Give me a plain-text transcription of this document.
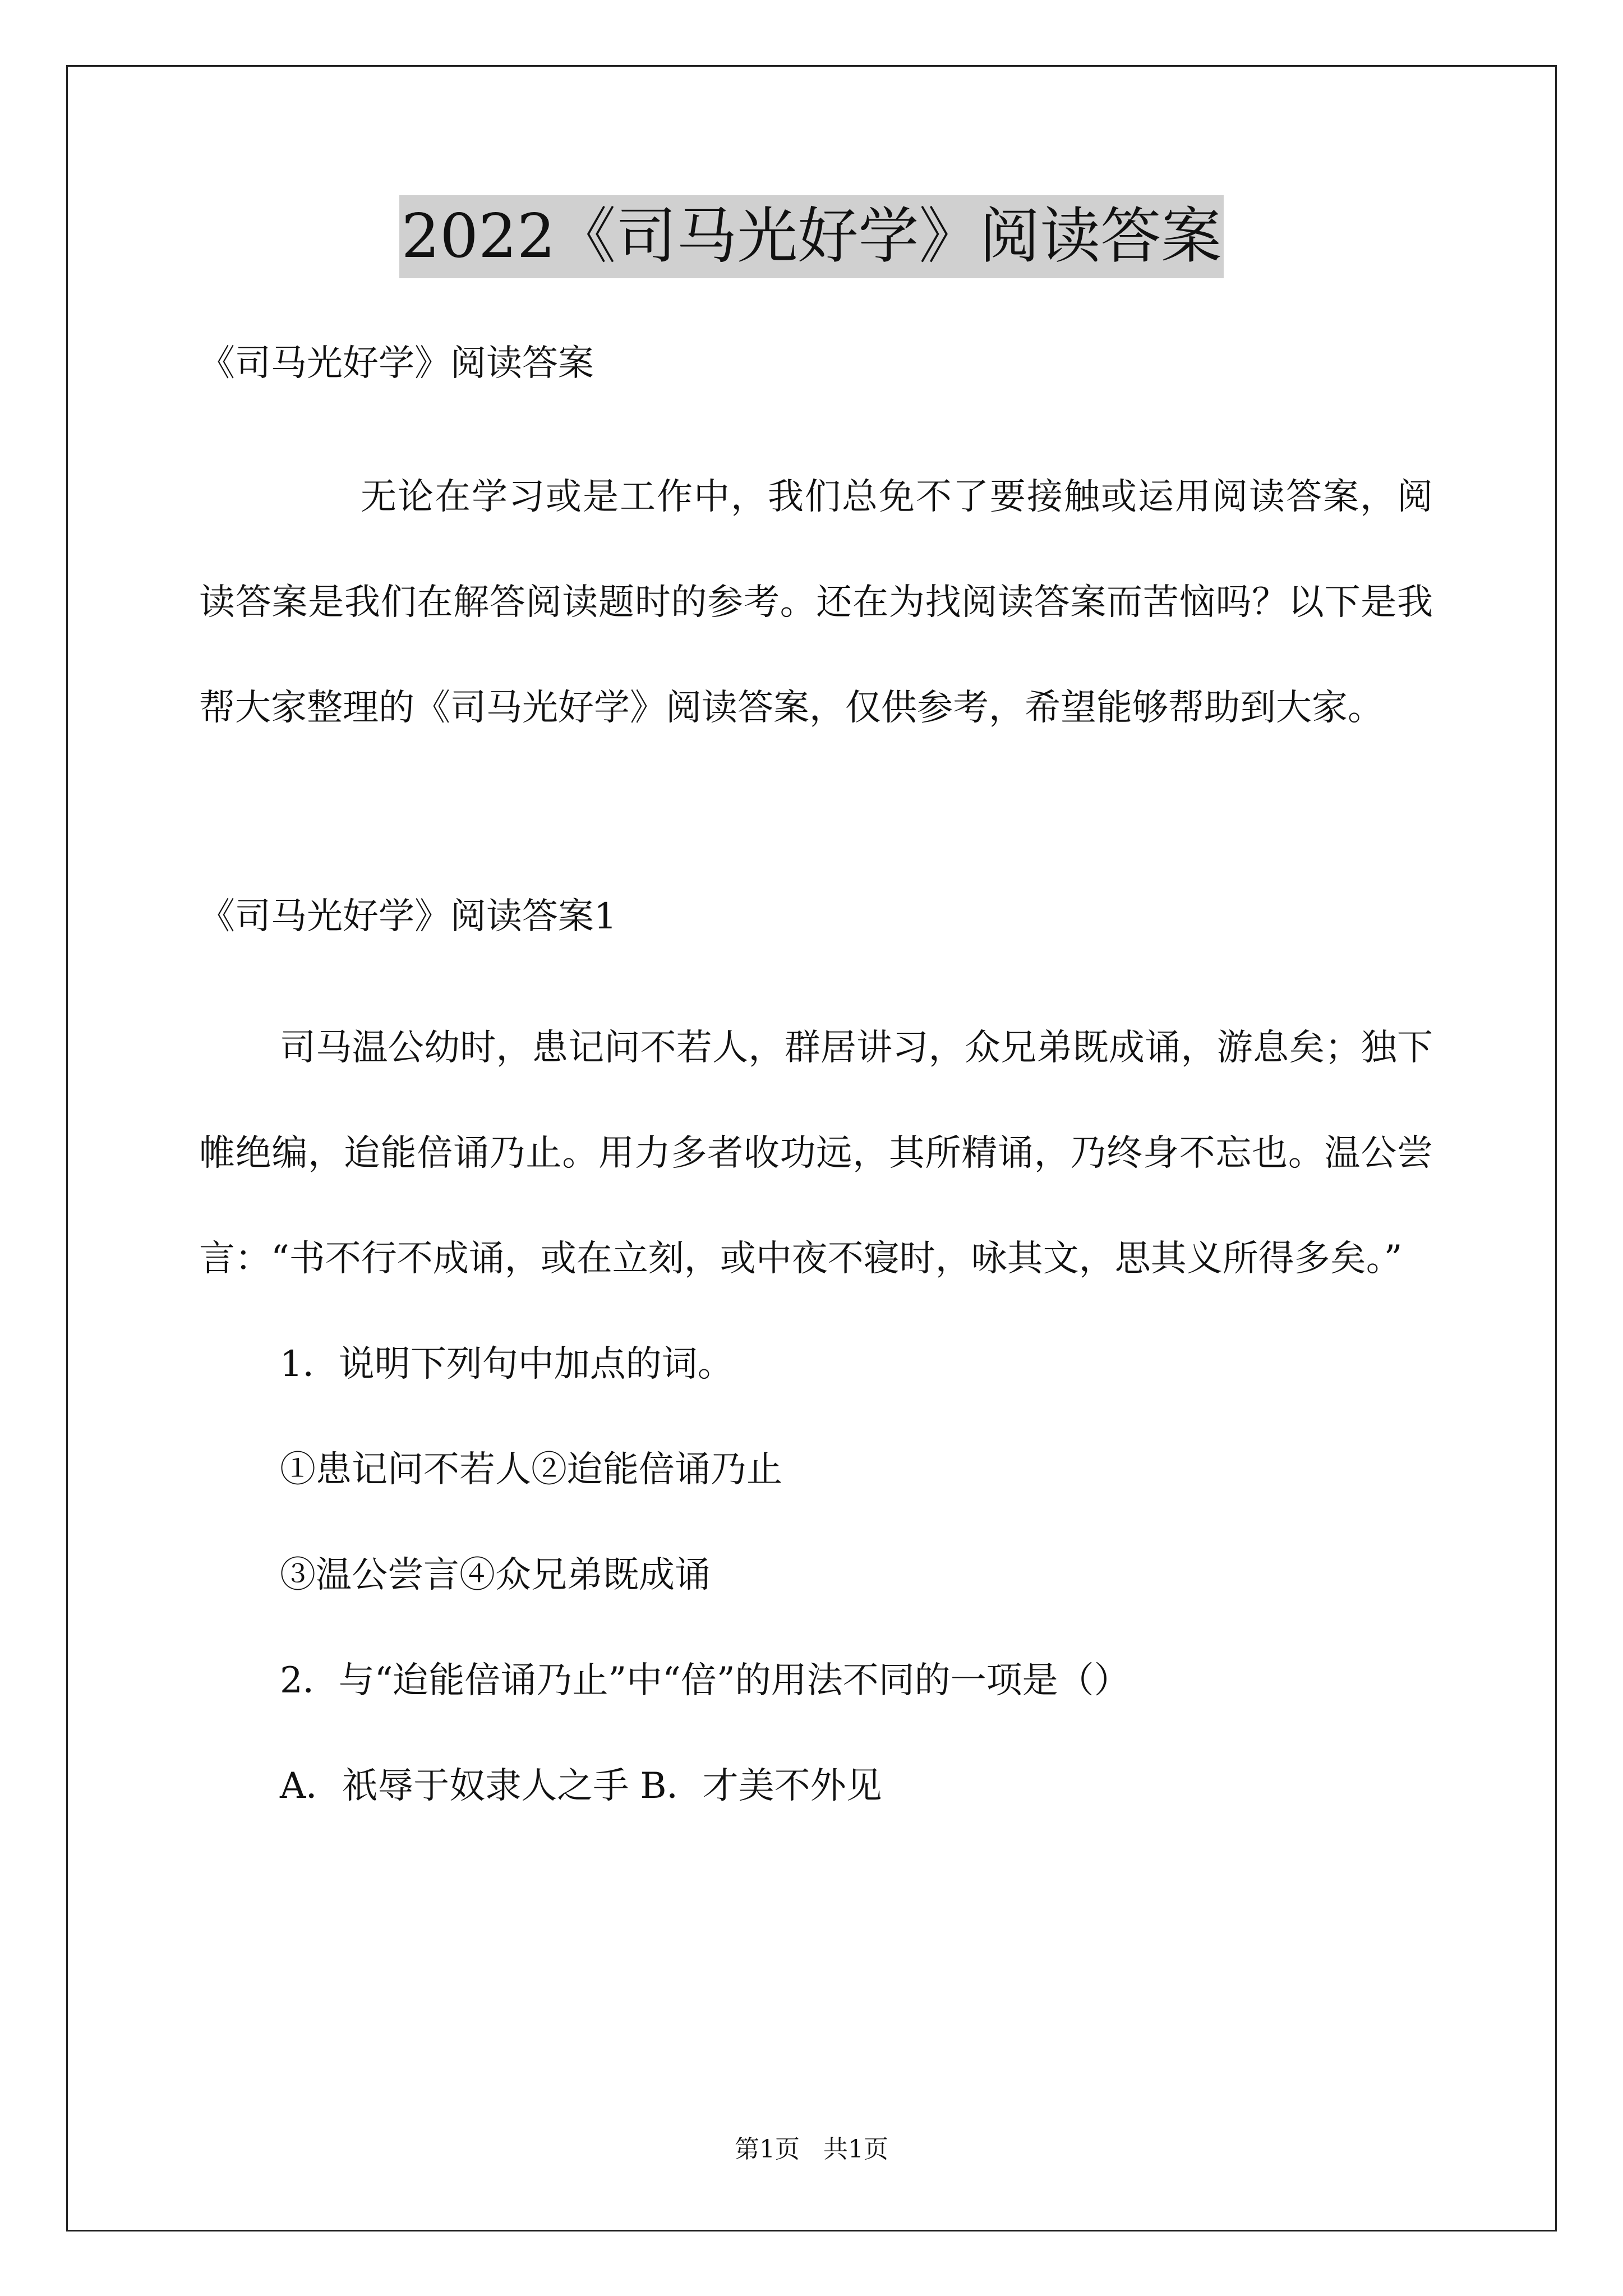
2022《司马光好学》阅读答案

《司马光好学》阅读答案

无论在学习或是工作中，我们总免不了要接触或运用阅读答案，阅读答案是我们在解答阅读题时的参考。还在为找阅读答案而苦恼吗？以下是我帮大家整理的《司马光好学》阅读答案，仅供参考，希望能够帮助到大家。

《司马光好学》阅读答案1

司马温公幼时，患记问不若人，群居讲习，众兄弟既成诵，游息矣；独下帷绝编，迨能倍诵乃止。用力多者收功远，其所精诵，乃终身不忘也。温公尝言：“书不行不成诵，或在立刻，或中夜不寝时，咏其文，思其义所得多矣。”

1．说明下列句中加点的词。

①患记问不若人②迨能倍诵乃止

③温公尝言④众兄弟既成诵

2．与“迨能倍诵乃止”中“倍”的用法不同的一项是（）

A．祇辱于奴隶人之手 B．才美不外见

第1页   共1页
